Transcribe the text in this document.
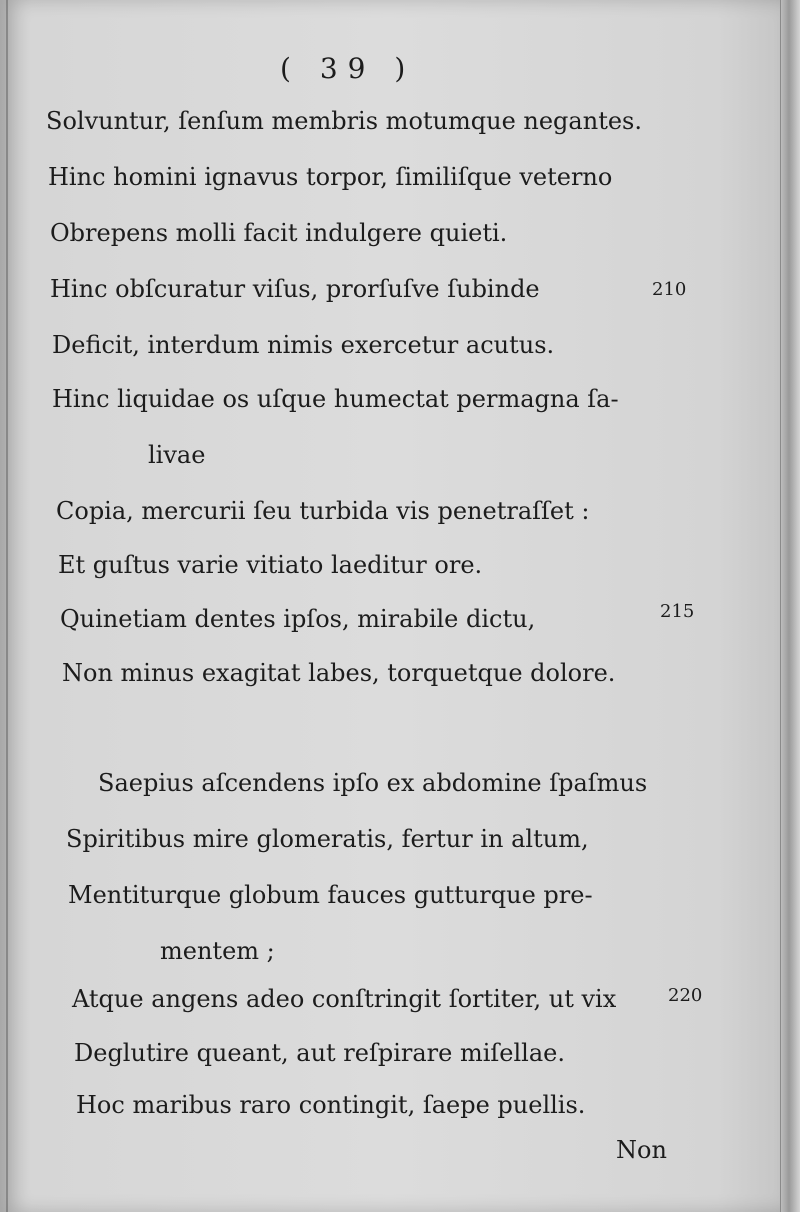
( 39 )
Solvuntur, ſenſum membris motumque negantes.
Hinc homini ignavus torpor, ſimiliſque veterno
Obrepens molli facit indulgere quieti.
Hinc obſcuratur viſus, prorſuſve ſubinde
Deficit, interdum nimis exercetur acutus.
Hinc liquidae os uſque humectat permagna ſa-
livae
Copia, mercurii ſeu turbida vis penetraſſet :
Et guſtus varie vitiato laeditur ore.
Quinetiam dentes ipſos, mirabile dictu,
Non minus exagitat labes, torquetque dolore.
Saepius aſcendens ipſo ex abdomine ſpaſmus
Spiritibus mire glomeratis, fertur in altum,
Mentiturque globum fauces gutturque pre-
mentem ;
Atque angens adeo conſtringit ſortiter, ut vix
Deglutire queant, aut reſpirare miſellae.
Hoc maribus raro contingit, ſaepe puellis.
210
215
220
Non
